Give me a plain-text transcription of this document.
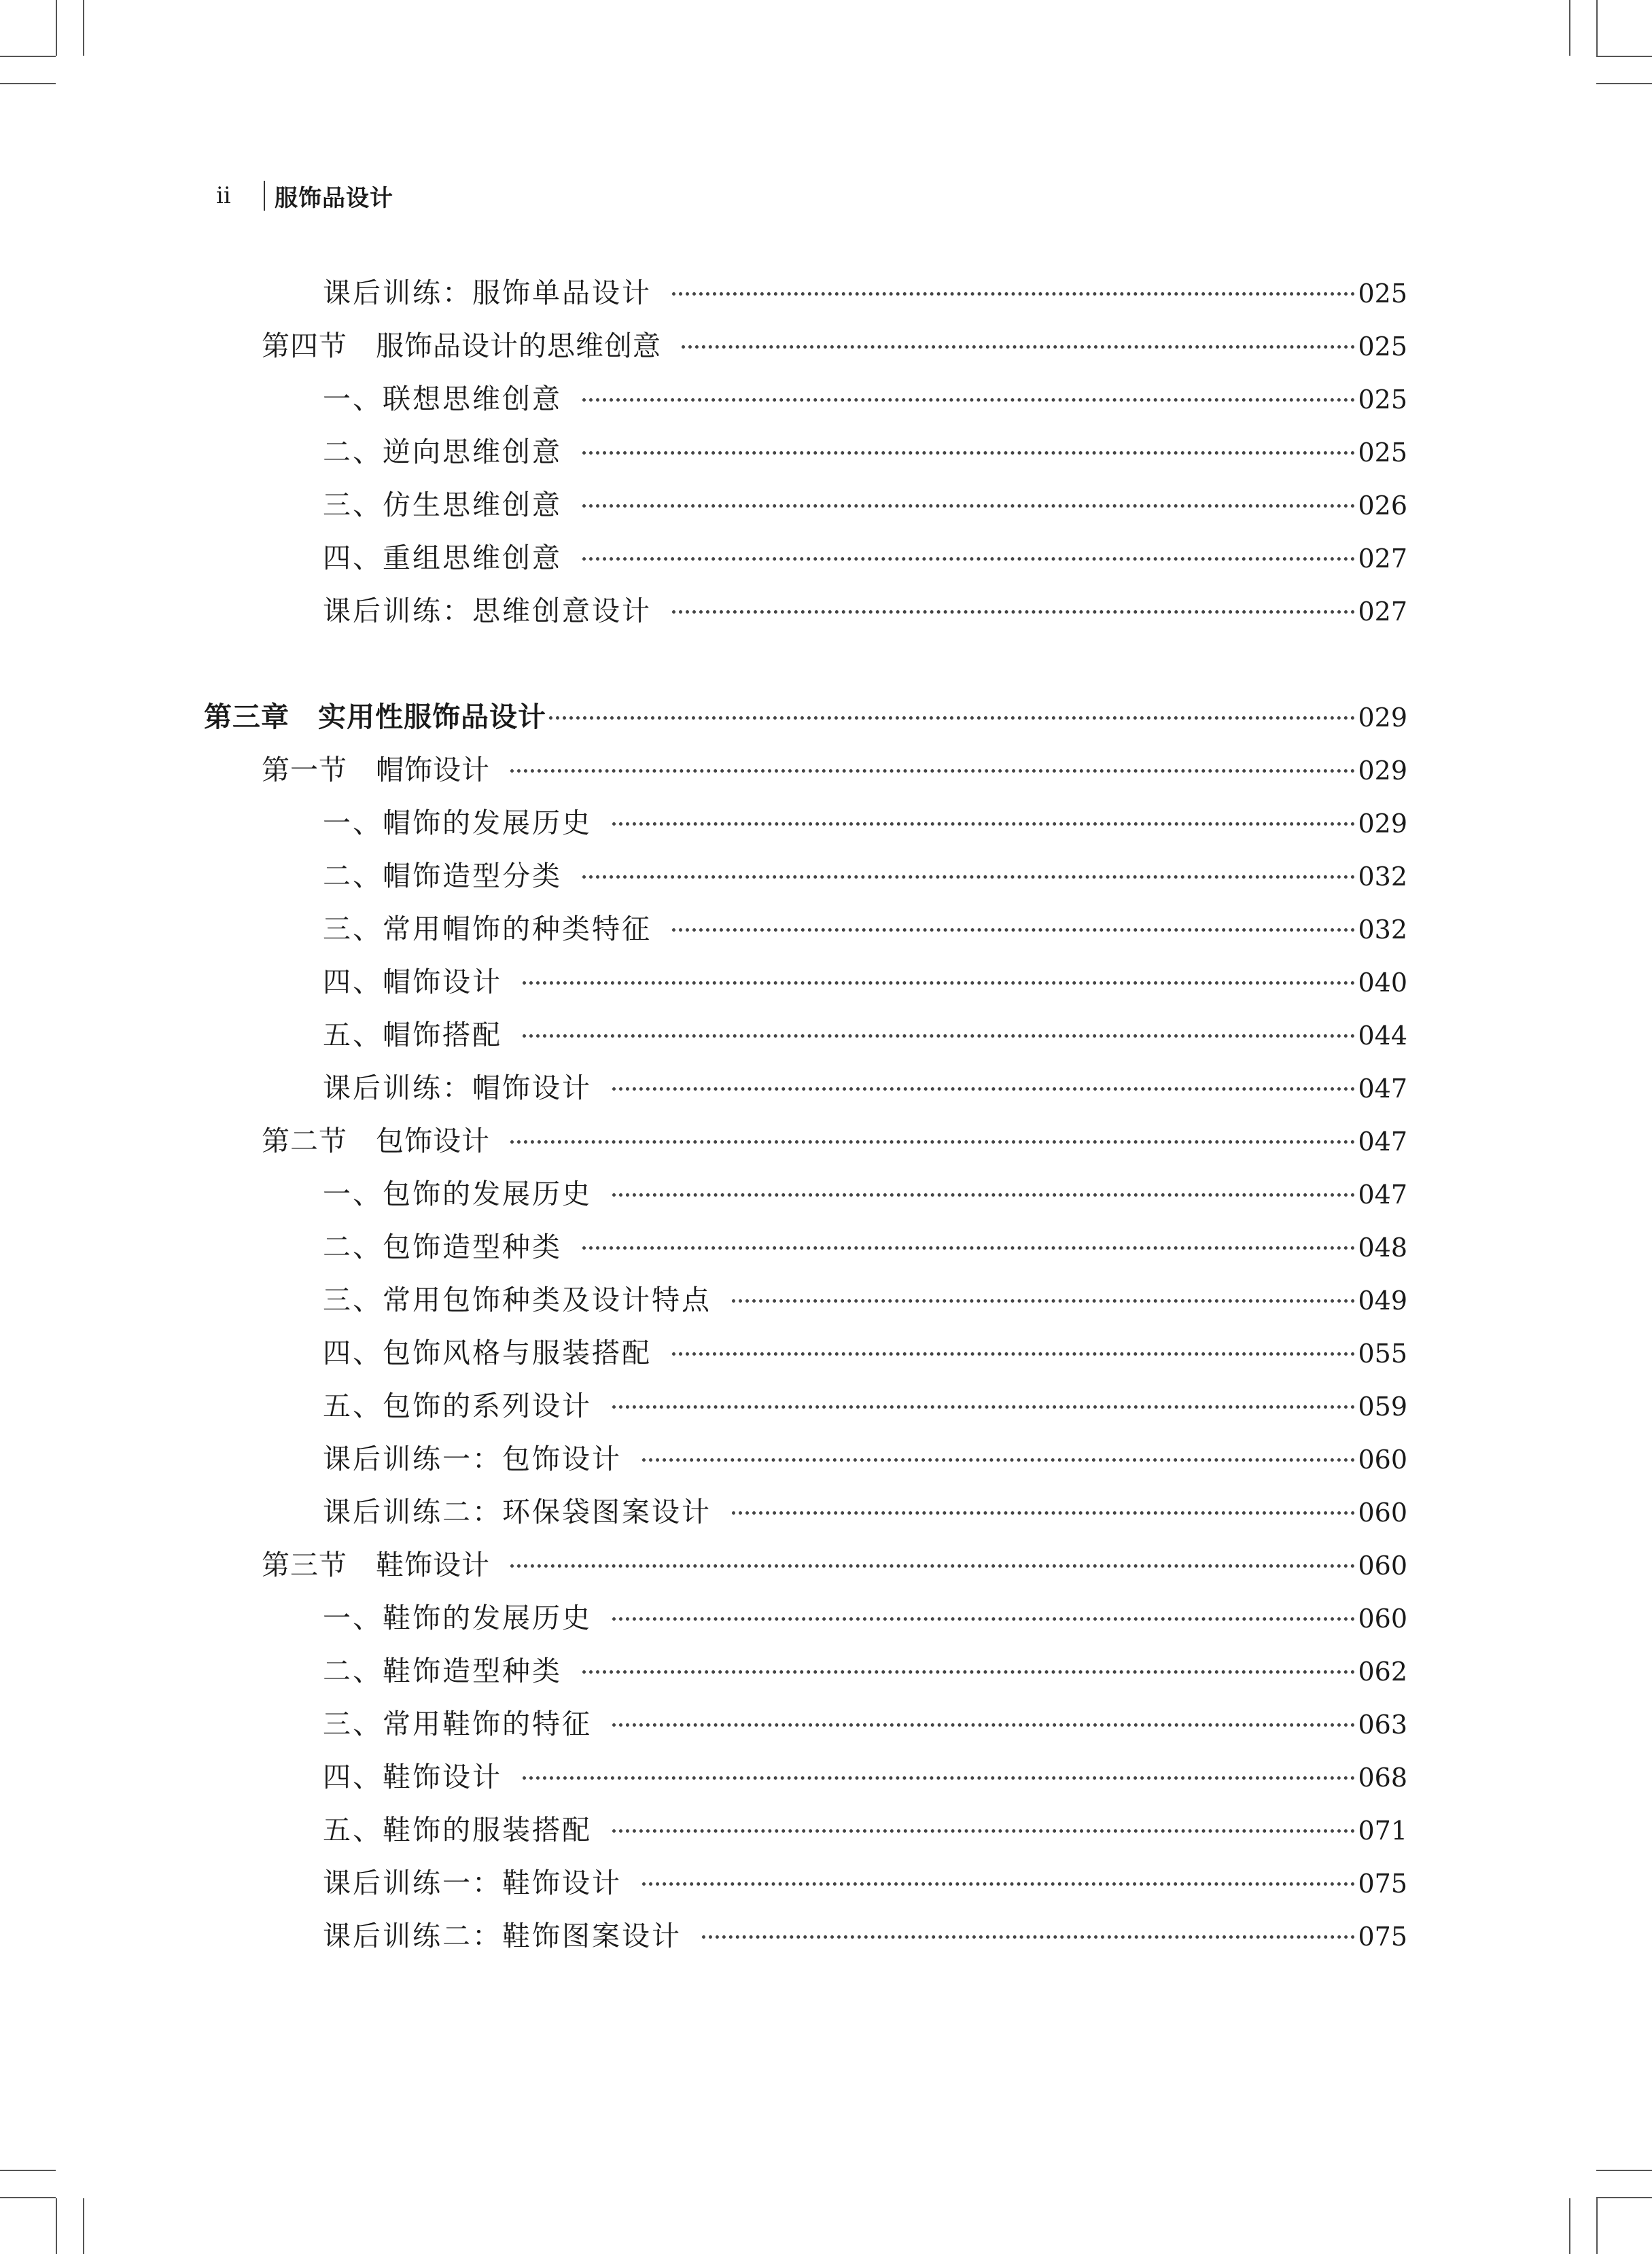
ii	服饰品设计
课后训练：服饰单品设计	025
第四节　服饰品设计的思维创意	025
一、联想思维创意	025
二、逆向思维创意	025
三、仿生思维创意	026
四、重组思维创意	027
课后训练：思维创意设计	027
第三章　实用性服饰品设计	029
第一节　帽饰设计	029
一、帽饰的发展历史	029
二、帽饰造型分类	032
三、常用帽饰的种类特征	032
四、帽饰设计	040
五、帽饰搭配	044
课后训练：帽饰设计	047
第二节　包饰设计	047
一、包饰的发展历史	047
二、包饰造型种类	048
三、常用包饰种类及设计特点	049
四、包饰风格与服装搭配	055
五、包饰的系列设计	059
课后训练一：包饰设计	060
课后训练二：环保袋图案设计	060
第三节　鞋饰设计	060
一、鞋饰的发展历史	060
二、鞋饰造型种类	062
三、常用鞋饰的特征	063
四、鞋饰设计	068
五、鞋饰的服装搭配	071
课后训练一：鞋饰设计	075
课后训练二：鞋饰图案设计	075
